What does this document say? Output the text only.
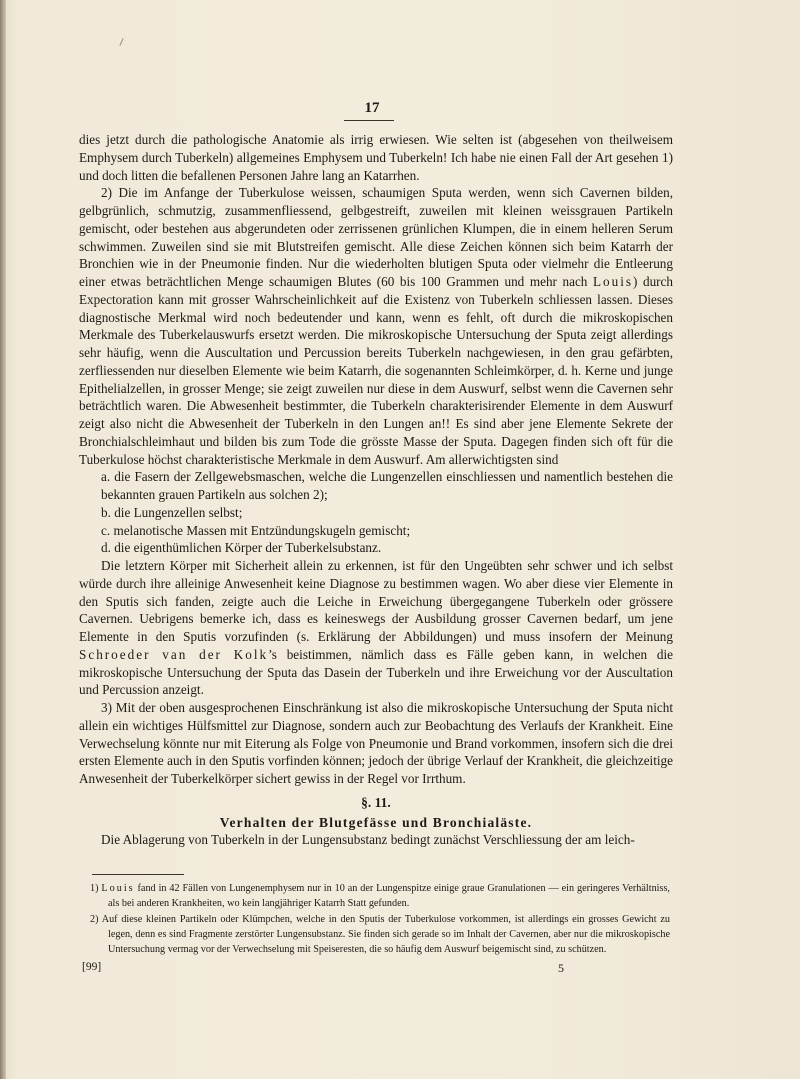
17

dies jetzt durch die pathologische Anatomie als irrig erwiesen. Wie selten ist (abgesehen von theilweisem Emphysem durch Tuberkeln) allgemeines Emphysem und Tuberkeln! Ich habe nie einen Fall der Art gesehen 1) und doch litten die befallenen Personen Jahre lang an Katarrhen.

2) Die im Anfange der Tuberkulose weissen, schaumigen Sputa werden, wenn sich Cavernen bilden, gelbgrünlich, schmutzig, zusammenfliessend, gelbgestreift, zuweilen mit kleinen weissgrauen Partikeln gemischt, oder bestehen aus abgerundeten oder zerrissenen grünlichen Klumpen, die in einem helleren Serum schwimmen. Zuweilen sind sie mit Blutstreifen gemischt. Alle diese Zeichen können sich beim Katarrh der Bronchien wie in der Pneumonie finden. Nur die wiederholten blutigen Sputa oder vielmehr die Entleerung einer etwas beträchtlichen Menge schaumigen Blutes (60 bis 100 Grammen und mehr nach Louis) durch Expectoration kann mit grosser Wahrscheinlichkeit auf die Existenz von Tuberkeln schliessen lassen. Dieses diagnostische Merkmal wird noch bedeutender und kann, wenn es fehlt, oft durch die mikroskopischen Merkmale des Tuberkelauswurfs ersetzt werden. Die mikroskopische Untersuchung der Sputa zeigt allerdings sehr häufig, wenn die Auscultation und Percussion bereits Tuberkeln nachgewiesen, in den grau gefärbten, zerfliessenden nur dieselben Elemente wie beim Katarrh, die sogenannten Schleimkörper, d. h. Kerne und junge Epithelialzellen, in grosser Menge; sie zeigt zuweilen nur diese in dem Auswurf, selbst wenn die Cavernen sehr beträchtlich waren. Die Abwesenheit bestimmter, die Tuberkeln charakterisirender Elemente in dem Auswurf zeigt also nicht die Abwesenheit der Tuberkeln in den Lungen an!! Es sind aber jene Elemente Sekrete der Bronchialschleimhaut und bilden bis zum Tode die grösste Masse der Sputa. Dagegen finden sich oft für die Tuberkulose höchst charakteristische Merkmale in dem Auswurf. Am allerwichtigsten sind

a. die Fasern der Zellgewebsmaschen, welche die Lungenzellen einschliessen und namentlich bestehen die bekannten grauen Partikeln aus solchen 2);

b. die Lungenzellen selbst;

c. melanotische Massen mit Entzündungskugeln gemischt;

d. die eigenthümlichen Körper der Tuberkelsubstanz.

Die letztern Körper mit Sicherheit allein zu erkennen, ist für den Ungeübten sehr schwer und ich selbst würde durch ihre alleinige Anwesenheit keine Diagnose zu bestimmen wagen. Wo aber diese vier Elemente in den Sputis sich fanden, zeigte auch die Leiche in Erweichung übergegangene Tuberkeln oder grössere Cavernen. Uebrigens bemerke ich, dass es keineswegs der Ausbildung grosser Cavernen bedarf, um jene Elemente in den Sputis vorzufinden (s. Erklärung der Abbildungen) und muss insofern der Meinung Schroeder van der Kolk’s beistimmen, nämlich dass es Fälle geben kann, in welchen die mikroskopische Untersuchung der Sputa das Dasein der Tuberkeln und ihre Erweichung vor der Auscultation und Percussion anzeigt.

3) Mit der oben ausgesprochenen Einschränkung ist also die mikroskopische Untersuchung der Sputa nicht allein ein wichtiges Hülfsmittel zur Diagnose, sondern auch zur Beobachtung des Verlaufs der Krankheit. Eine Verwechselung könnte nur mit Eiterung als Folge von Pneumonie und Brand vorkommen, insofern sich die drei ersten Elemente auch in den Sputis vorfinden können; jedoch der übrige Verlauf der Krankheit, die gleichzeitige Anwesenheit der Tuberkelkörper sichert gewiss in der Regel vor Irrthum.

§. 11.
Verhalten der Blutgefässe und Bronchialäste.

Die Ablagerung von Tuberkeln in der Lungensubstanz bedingt zunächst Verschliessung der am leich-

1) Louis fand in 42 Fällen von Lungenemphysem nur in 10 an der Lungenspitze einige graue Granulationen — ein geringeres Verhältniss, als bei anderen Krankheiten, wo kein langjähriger Katarrh Statt gefunden.

2) Auf diese kleinen Partikeln oder Klümpchen, welche in den Sputis der Tuberkulose vorkommen, ist allerdings ein grosses Gewicht zu legen, denn es sind Fragmente zerstörter Lungensubstanz. Sie finden sich gerade so im Inhalt der Cavernen, aber nur die mikroskopische Untersuchung vermag vor der Verwechselung mit Speiseresten, die so häufig dem Auswurf beigemischt sind, zu schützen.

[99]	5
